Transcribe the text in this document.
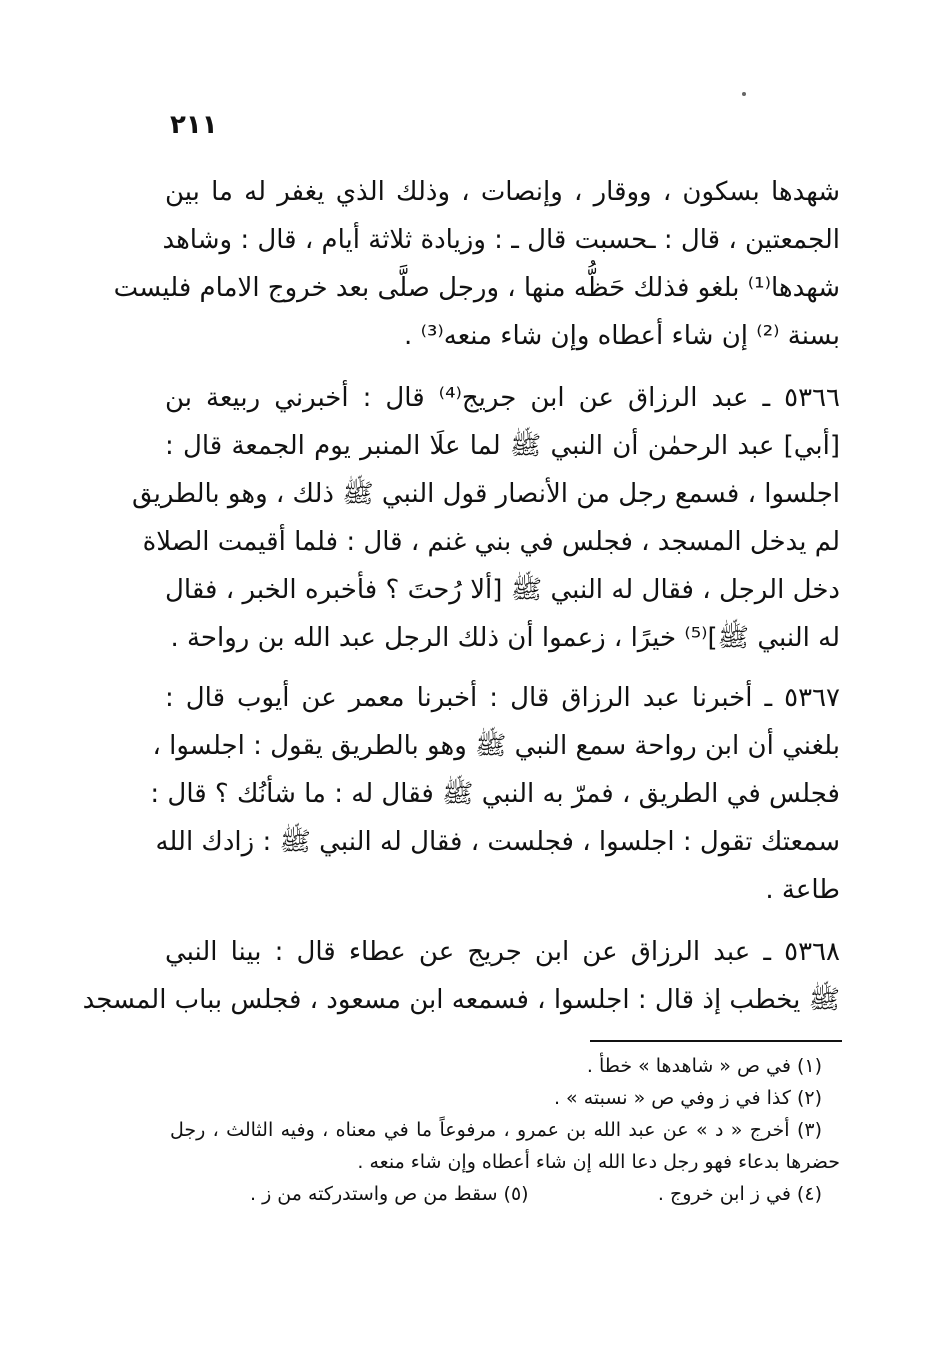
٢١١
شهدها بسكون ، ووقار ، وإنصات ، وذلك الذي يغفر له ما بين
الجمعتين ، قال : ـحسبت قال ـ : وزيادة ثلاثة أيام ، قال : وشاهد
شهدها⁽¹⁾ بلغو فذلك حَظُّه منها ، ورجل صلَّى بعد خروج الامام فليست
بسنة ⁽²⁾ إن شاء أعطاه وإن شاء منعه⁽³⁾ .
٥٣٦٦ ـ عبد الرزاق عن ابن جريج⁽⁴⁾ قال : أخبرني ربيعة بن
[أبي] عبد الرحمٰن أن النبي ﷺ لما علَا المنبر يوم الجمعة قال :
اجلسوا ، فسمع رجل من الأنصار قول النبي ﷺ ذلك ، وهو بالطريق
لم يدخل المسجد ، فجلس في بني غنم ، قال : فلما أقيمت الصلاة
دخل الرجل ، فقال له النبي ﷺ [ألا رُحتَ ؟ فأخبره الخبر ، فقال
له النبي ﷺ]⁽⁵⁾ خيرًا ، زعموا أن ذلك الرجل عبد الله بن رواحة .
٥٣٦٧ ـ أخبرنا عبد الرزاق قال : أخبرنا معمر عن أيوب قال :
بلغني أن ابن رواحة سمع النبي ﷺ وهو بالطريق يقول : اجلسوا ،
فجلس في الطريق ، فمرّ به النبي ﷺ فقال له : ما شأنُك ؟ قال :
سمعتك تقول : اجلسوا ، فجلست ، فقال له النبي ﷺ : زادك الله
طاعة .
٥٣٦٨ ـ عبد الرزاق عن ابن جريج عن عطاء قال : بينا النبي
ﷺ يخطب إذ قال : اجلسوا ، فسمعه ابن مسعود ، فجلس بباب المسجد
(١) في ص « شاهدها » خطأ .
(٢) كذا في ز وفي ص « نسبته » .
(٣) أخرج « د » عن عبد الله بن عمرو ، مرفوعاً ما في معناه ، وفيه الثالث ، رجل
حضرها بدعاء فهو رجل دعا الله إن شاء أعطاه وإن شاء منعه .
(٤) في ز ابن خروج .
(٥) سقط من ص واستدركته من ز .
